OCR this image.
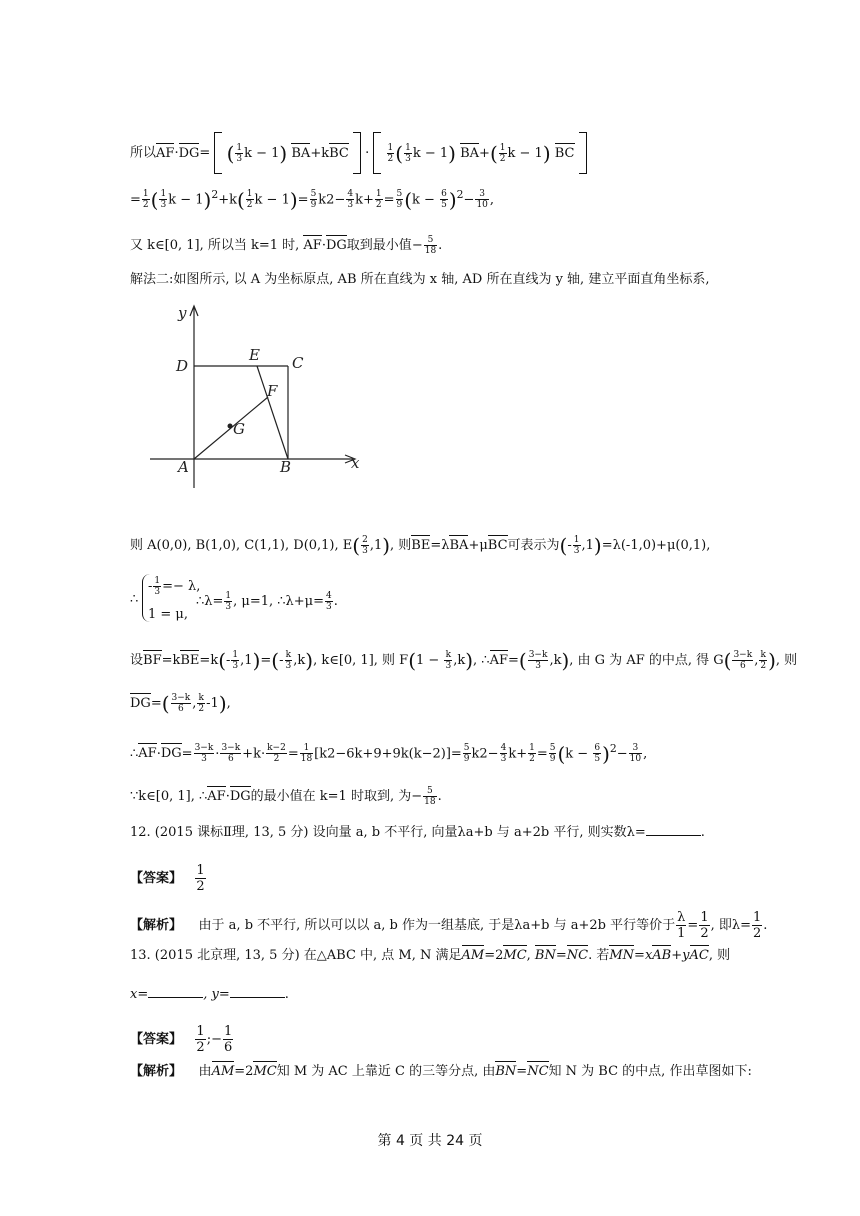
所以AF·DG=  ( $\frac{1}{3}$ k − 1) $BA+kBC \cdot \frac{1}{2}$ ( $\frac{1}{3}$ k − 1) $BA+( \frac{1}{2}$ k − 1) BC
= $\frac{1}{2}$ ( $\frac{1}{3}$ $k - 1)^2+k( \frac{1}{2}$ $k - 1)= \frac{5}{9} k2- \frac{4}{3} k+ \frac{1}{2} = \frac{5}{9} (k - \frac{6}{5} )^2- \frac{3}{10}$ ,
又 k∈[0, 1], 所以当 k=1 时, AF·DG取到最小值− $\frac{5}{18}$ .
解法二:如图所示, 以 A 为坐标原点, AB 所在直线为 x 轴, AD 所在直线为 y 轴, 建立平面直角坐标系,
y
D
E C
F
G
A	B	x
则 A(0,0), B(1,0), C(1,1), D(0,1), $E( \frac{2}{3} ,1)$, 则BE=λBA+μBC可表示为(- $\frac{1}{3} ,1)=\lambda(-1,0)+\mu(0,1)$,
∴
- $\frac{1}{3} =- \lambda$,
1 = μ,
∴λ= $\frac{1}{3}$ , μ=1, ∴λ+μ= $\frac{4}{3}$ .
设$BF=kBE=k(- \frac{1}{3} ,1)=(- \frac{k}{3} ,k)$, k∈[0, 1], 则 $F(1 - \frac{k}{3} ,k)$, ∴AF=( $\frac{3-k}{3} ,k$), 由 G 为 AF 的中点, 得 $G( \frac{3-k}{6}$ , $\frac{k}{2}$ ), 则
$DG=( \frac{3-k}{6}$ , $\frac{k}{2} -1$),
∴AF·DG= $\frac{3-k}{3} \cdot \frac{3-k}{6} +k\cdot \frac{k-2}{2} = \frac{1}{18} [k2-6k+9+9k(k-2)]= \frac{5}{9} k2- \frac{4}{3} k+ \frac{1}{2} = \frac{5}{9} (k - \frac{6}{5} )^2- \frac{3}{10}$ ,
∵k∈[0, 1], ∴AF·DG的最小值在 k=1 时取到, 为− $\frac{5}{18}$ .
12. (2015 课标Ⅱ理, 13, 5 分) 设向量 a, b 不平行, 向量λa+b 与 a+2b 平行, 则实数λ=	.
【答案】 $\frac{1}{2}$
【解析】 由于 a, b 不平行, 所以可以以 a, b 作为一组基底, 于是λa+b 与 a+2b 平行等价于 $\frac{\lambda}{1} = \frac{1}{2}$ , 即$\lambda= \frac{1}{2}$ .
13. (2015 北京理, 13, 5 分) 在△ABC 中, 点 M, N 满足AM=2MC, BN=NC. 若MN=xAB+yAC, 则
x=	, y=	.
【答案】 $\frac{1}{2}$ ;− $\frac{1}{6}$
【解析】 由AM=2MC知 M 为 AC 上靠近 C 的三等分点, 由BN=NC知 N 为 BC 的中点, 作出草图如下:
第 4 页 共 24 页
